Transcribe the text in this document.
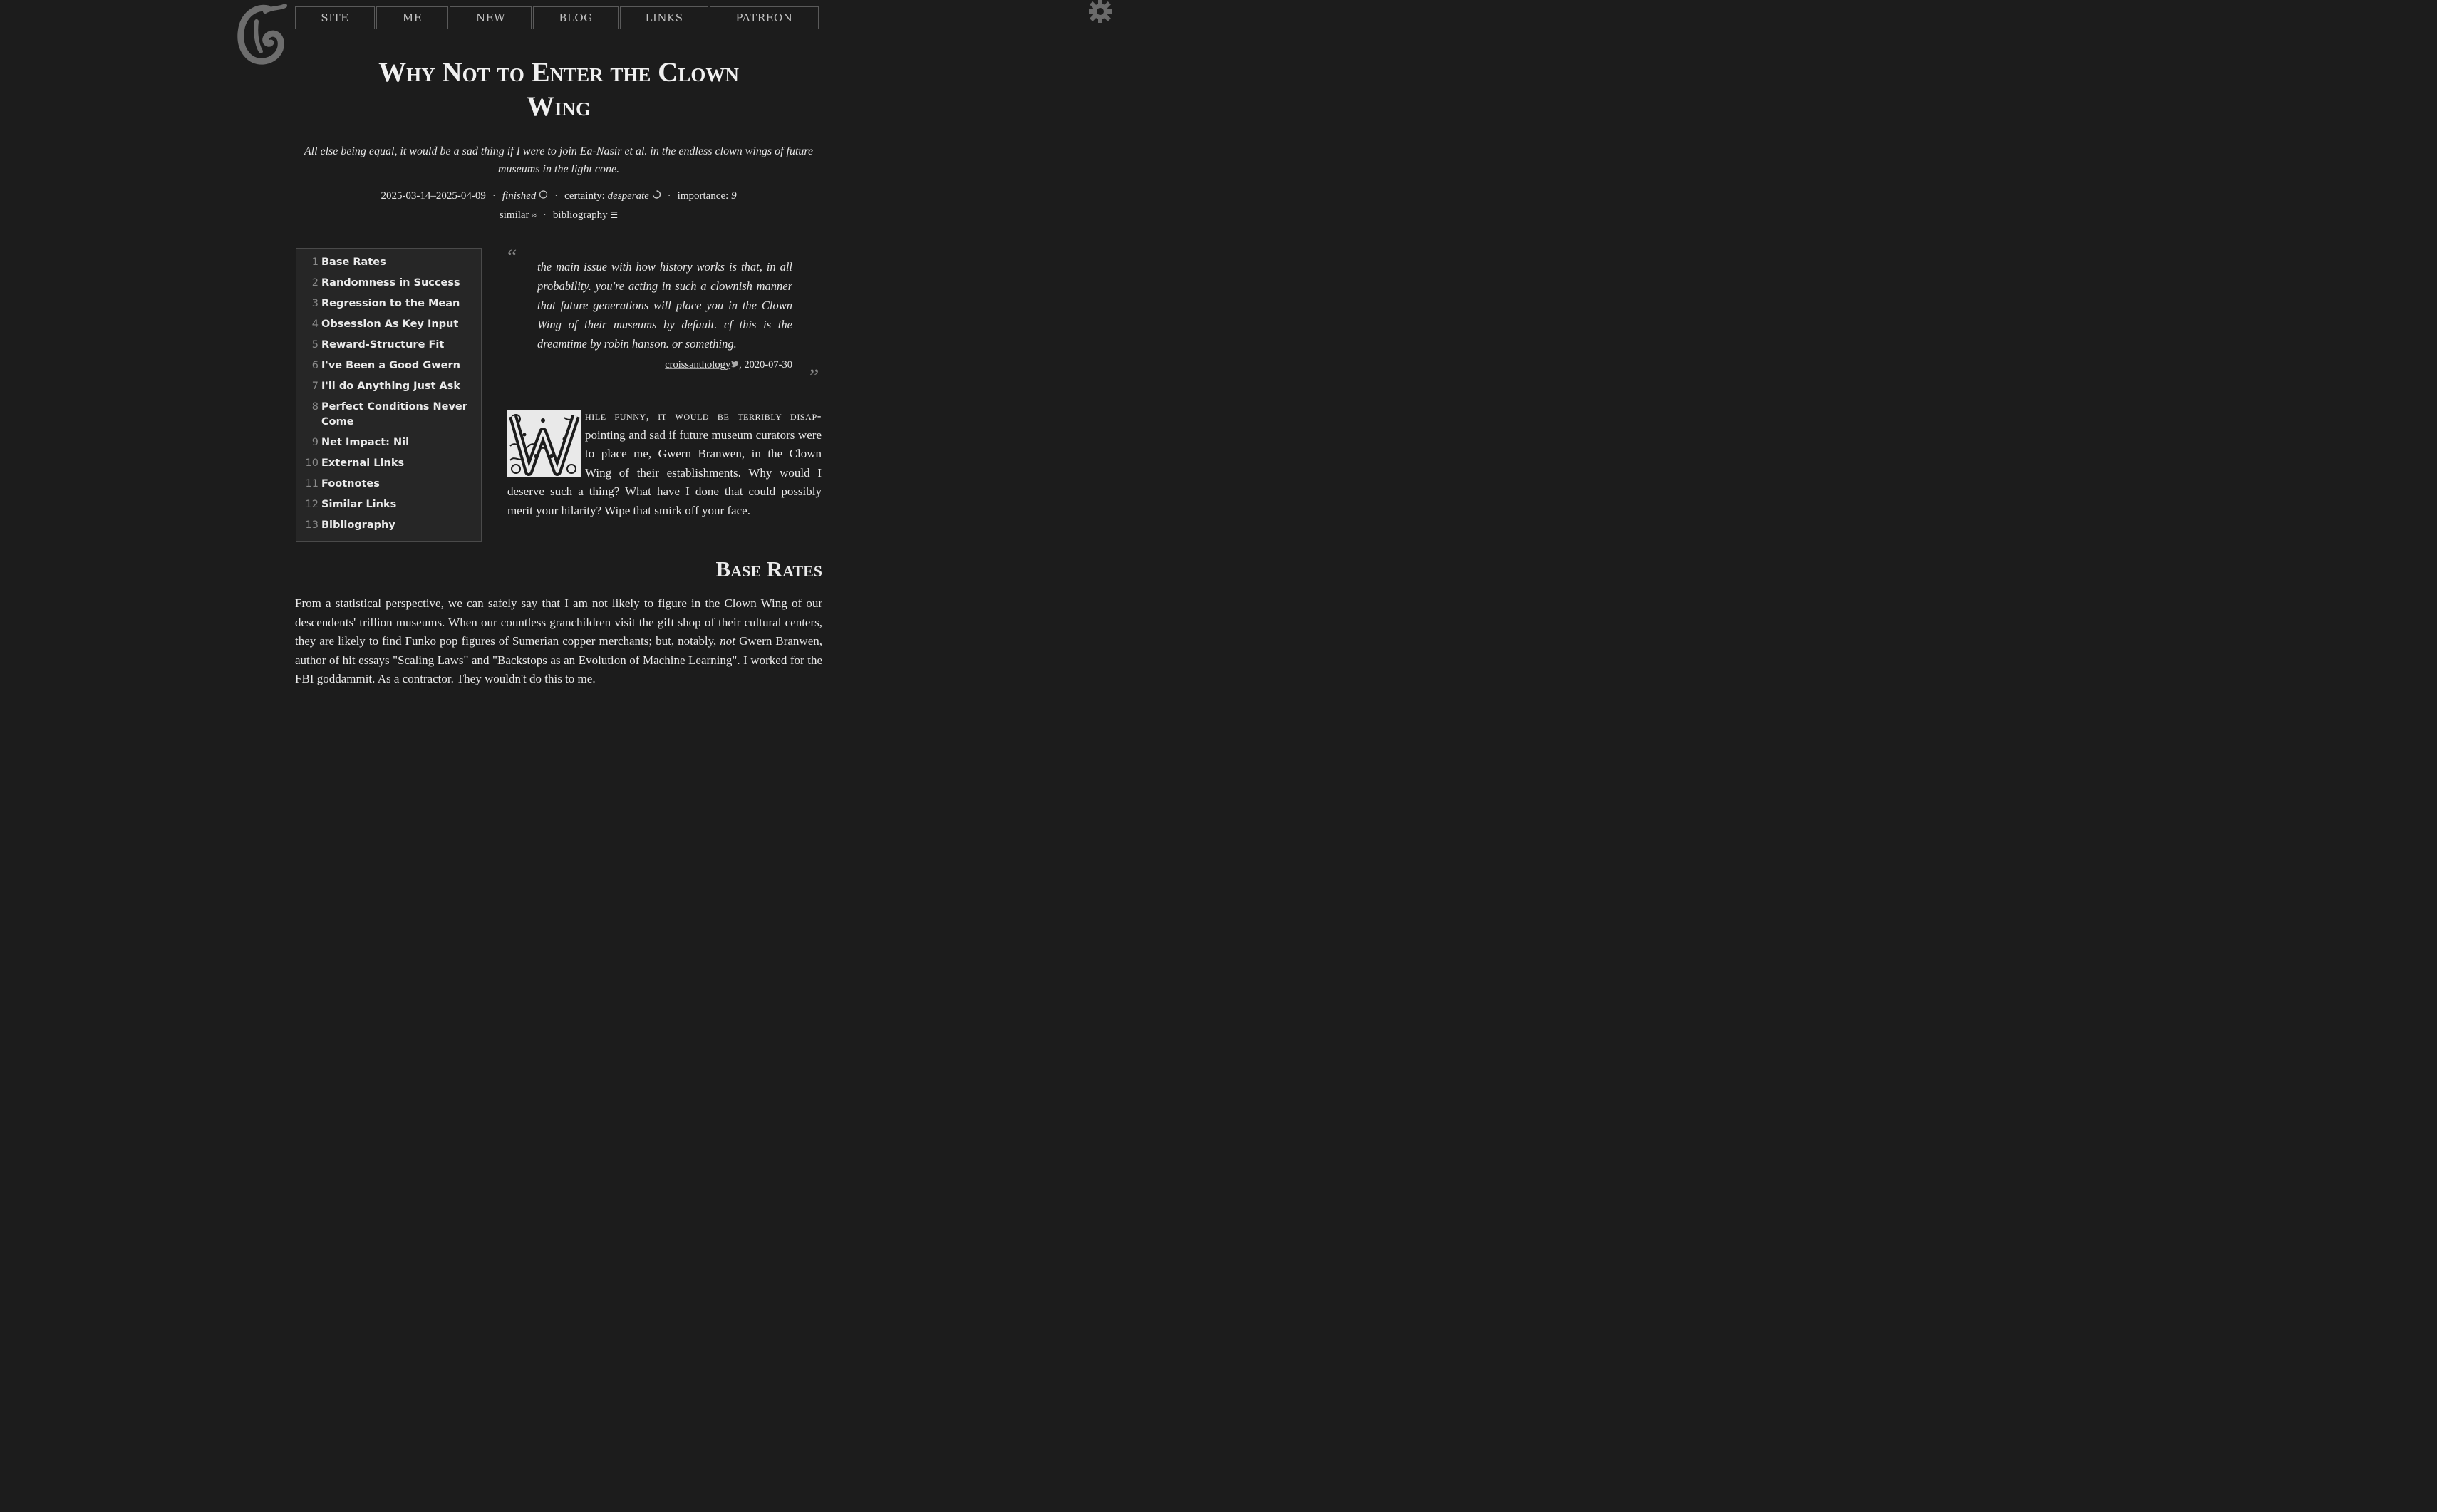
SITE	ME	NEW	BLOG	LINKS	PATREON
Why Not to Enter the Clown
Wing
All else being equal, it would be a sad thing if I were to join Ea-Nasir et al. in the endless clown wings of future
museums in the light cone.
2025-03-14–2025-04-09 · finished · certainty: desperate · importance: 9
similar ≈ · bibliography ☰
1 Base Rates
2 Randomness in Success
3 Regression to the Mean
4 Obsession As Key Input
5 Reward-Structure Fit
6 I've Been a Good Gwern
7 I'll do Anything Just Ask
8 Perfect Conditions Never Come
9 Net Impact: Nil
10 External Links
11 Footnotes
12 Similar Links
13 Bibliography
“ the main issue with how history works is that, in all probability. you're acting in such a clownish manner that future generations will place you in the Clown Wing of their museums by default. cf this is the dreamtime by robin hanson. or something.
croissanthology , 2020-07-30 ”

hile funny, it would be terribly disap- pointing and sad if future museum curators were to place me, Gwern Branwen, in the Clown Wing of their establishments. Why would I deserve such a thing? What have I done that could possibly merit your hilarity? Wipe that smirk off your face.

Base Rates

From a statistical perspective, we can safely say that I am not likely to figure in the Clown Wing of our descendents' trillion museums. When our countless granchildren visit the gift shop of their cultural centers, they are likely to find Funko pop figures of Sumerian copper merchants; but, notably, not Gwern Branwen, author of hit essays "Scaling Laws" and "Backstops as an Evolution of Machine Learning". I worked for the FBI goddammit. As a contractor. They wouldn't do this to me.
